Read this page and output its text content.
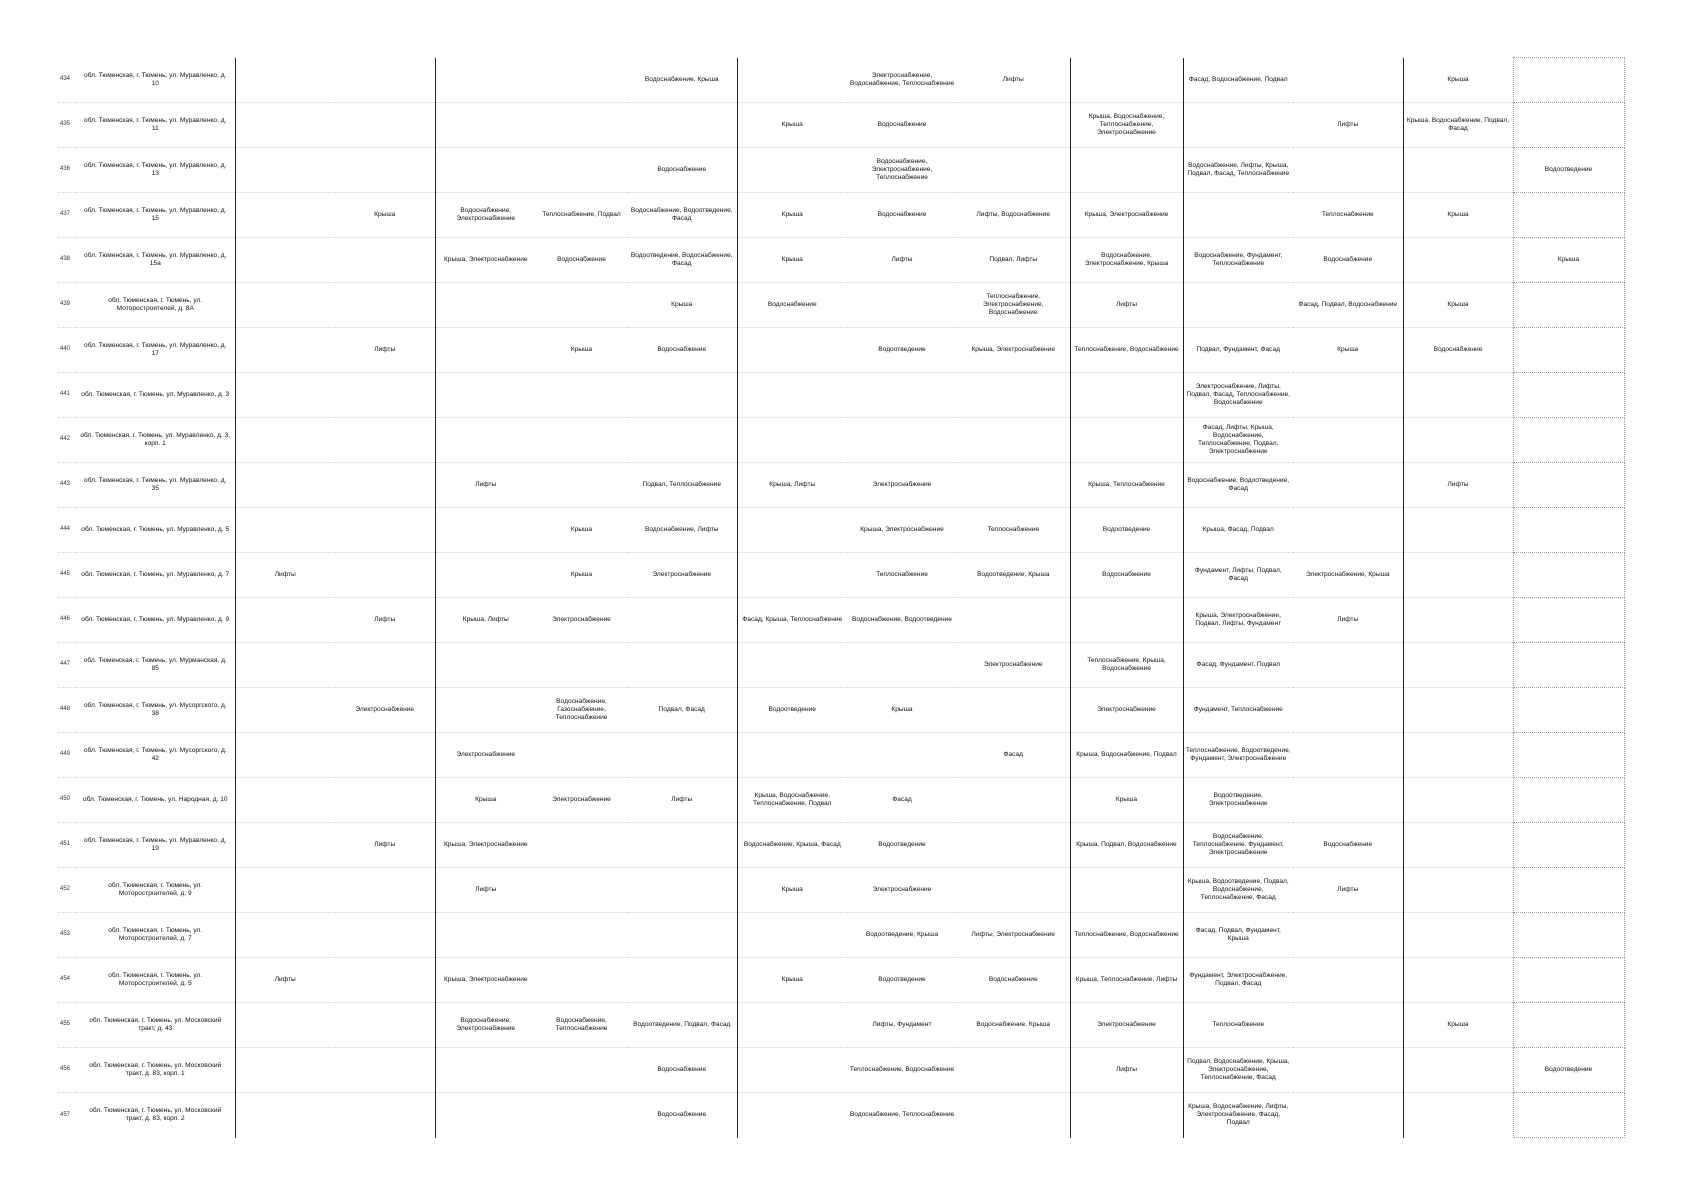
434	обл. Тюменская, г. Тюмень, ул. Муравленко, д. 10					Водоснабжение, Крыша		Электроснабжение, Водоснабжение, Теплоснабжение	Лифты		Фасад, Водоснабжение, Подвал		Крыша	
435	обл. Тюменская, г. Тюмень, ул. Муравленко, д. 11						Крыша	Водоснабжение		Крыша, Водоснабжение, Теплоснабжение, Электроснабжение		Лифты	Крыша, Водоснабжение, Подвал, Фасад	
436	обл. Тюменская, г. Тюмень, ул. Муравленко, д. 13					Водоснабжение		Водоснабжение, Электроснабжение, Теплоснабжение			Водоснабжение, Лифты, Крыша, Подвал, Фасад, Теплоснабжение			Водоотведение
437	обл. Тюменская, г. Тюмень, ул. Муравленко, д. 15		Крыша	Водоснабжение, Электроснабжение	Теплоснабжение, Подвал	Водоснабжение, Водоотведение, Фасад	Крыша	Водоснабжение	Лифты, Водоснабжение	Крыша, Электроснабжение		Теплоснабжение	Крыша	
438	обл. Тюменская, г. Тюмень, ул. Муравленко, д. 15а			Крыша, Электроснабжение	Водоснабжение	Водоотведение, Водоснабжение, Фасад	Крыша	Лифты	Подвал, Лифты	Водоснабжение, Электроснабжение, Крыша	Водоснабжение, Фундамент, Теплоснабжение	Водоснабжение		Крыша
439	обл. Тюменская, г. Тюмень, ул. Моторостроителей, д. 8А					Крыша	Водоснабжение		Теплоснабжение, Электроснабжение, Водоснабжение	Лифты		Фасад, Подвал, Водоснабжение	Крыша	
440	обл. Тюменская, г. Тюмень, ул. Муравленко, д. 17		Лифты		Крыша	Водоснабжение		Водоотведение	Крыша, Электроснабжение	Теплоснабжение, Водоснабжение	Подвал, Фундамент, Фасад	Крыша	Водоснабжение	
441	обл. Тюменская, г. Тюмень, ул. Муравленко, д. 3										Электроснабжение, Лифты, Подвал, Фасад, Теплоснабжение, Водоснабжение			
442	обл. Тюменская, г. Тюмень, ул. Муравленко, д. 3, корп. 1										Фасад, Лифты, Крыша, Водоснабжение, Теплоснабжение, Подвал, Электроснабжение			
443	обл. Тюменская, г. Тюмень, ул. Муравленко, д. 35			Лифты		Подвал, Теплоснабжение	Крыша, Лифты	Электроснабжение		Крыша, Теплоснабжение	Водоснабжение, Водоотведение, Фасад		Лифты	
444	обл. Тюменская, г. Тюмень, ул. Муравленко, д. 5				Крыша	Водоснабжение, Лифты		Крыша, Электроснабжение	Теплоснабжение	Водоотведение	Крыша, Фасад, Подвал			
445	обл. Тюменская, г. Тюмень, ул. Муравленко, д. 7	Лифты			Крыша	Электроснабжение		Теплоснабжение	Водоотведение, Крыша	Водоснабжение	Фундамент, Лифты, Подвал, Фасад	Электроснабжение, Крыша		
446	обл. Тюменская, г. Тюмень, ул. Муравленко, д. 9		Лифты	Крыша, Лифты	Электроснабжение		Фасад, Крыша, Теплоснабжение	Водоснабжение, Водоотведение			Крыша, Электроснабжение, Подвал, Лифты, Фундамент	Лифты		
447	обл. Тюменская, г. Тюмень, ул. Мурманская, д. 85								Электроснабжение	Теплоснабжение, Крыша, Водоснабжение	Фасад, Фундамент, Подвал			
448	обл. Тюменская, г. Тюмень, ул. Мусоргского, д. 38		Электроснабжение		Водоснабжение, Газоснабжение, Теплоснабжение	Подвал, Фасад	Водоотведение	Крыша		Электроснабжение	Фундамент, Теплоснабжение			
449	обл. Тюменская, г. Тюмень, ул. Мусоргского, д. 42			Электроснабжение					Фасад	Крыша, Водоснабжение, Подвал	Теплоснабжение, Водоотведение, Фундамент, Электроснабжение			
450	обл. Тюменская, г. Тюмень, ул. Народная, д. 10			Крыша	Электроснабжение	Лифты	Крыша, Водоснабжение, Теплоснабжение, Подвал	Фасад		Крыша	Водоотведение, Электроснабжение			
451	обл. Тюменская, г. Тюмень, ул. Муравленко, д. 19		Лифты	Крыша, Электроснабжение			Водоснабжение, Крыша, Фасад	Водоотведение		Крыша, Подвал, Водоснабжение	Водоснабжение, Теплоснабжение, Фундамент, Электроснабжение	Водоснабжение		
452	обл. Тюменская, г. Тюмень, ул. Моторостроителей, д. 9			Лифты			Крыша	Электроснабжение			Крыша, Водоотведение, Подвал, Водоснабжение, Теплоснабжение, Фасад	Лифты		
453	обл. Тюменская, г. Тюмень, ул. Моторостроителей, д. 7							Водоотведение, Крыша	Лифты, Электроснабжение	Теплоснабжение, Водоснабжение	Фасад, Подвал, Фундамент, Крыша			
454	обл. Тюменская, г. Тюмень, ул. Моторостроителей, д. 5	Лифты		Крыша, Электроснабжение			Крыша	Водоотведение	Водоснабжение	Крыша, Теплоснабжение, Лифты	Фундамент, Электроснабжение, Подвал, Фасад			
455	обл. Тюменская, г. Тюмень, ул. Московский тракт, д. 43			Водоснабжение, Электроснабжение	Водоснабжение, Теплоснабжение	Водоотведение, Подвал, Фасад		Лифты, Фундамент	Водоснабжение, Крыша	Электроснабжение	Теплоснабжение		Крыша	
456	обл. Тюменская, г. Тюмень, ул. Московский тракт, д. 83, корп. 1					Водоснабжение		Теплоснабжение, Водоснабжение		Лифты	Подвал, Водоснабжение, Крыша, Электроснабжение, Теплоснабжение, Фасад			Водоотведение
457	обл. Тюменская, г. Тюмень, ул. Московский тракт, д. 83, корп. 2					Водоснабжение		Водоснабжение, Теплоснабжение			Крыша, Водоснабжение, Лифты, Электроснабжение, Фасад, Подвал			
